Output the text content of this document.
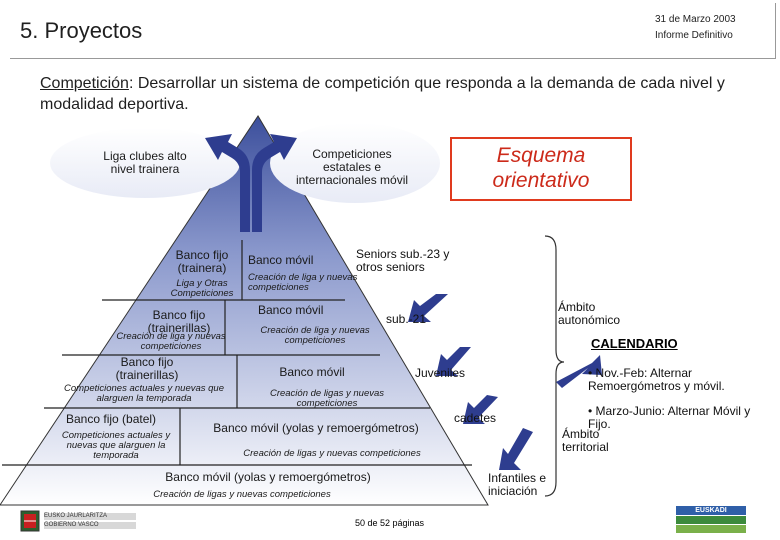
5. Proyectos	31 de Marzo 2003
Informe Definitivo
Competición: Desarrollar un sistema de competición que responda a la demanda de cada nivel y modalidad deportiva.
Liga clubes alto nivel trainera
Competiciones estatales e internacionales móvil
Esquema orientativo
Banco fijo (trainera)
Liga y Otras Competiciones
Banco móvil
Creación de liga y nuevas competiciones
Banco fijo (trainerillas)
Creación de liga y nuevas competiciones
Banco móvil
Creación de liga y nuevas competiciones
Banco fijo (trainerillas)
Competiciones actuales y nuevas que alarguen la temporada
Banco móvil
Creación de ligas y nuevas competiciones
Banco fijo (batel)
Competiciones actuales y nuevas que alarguen la temporada
Banco móvil (yolas y remoergómetros)
Creación de ligas y nuevas competiciones
Banco móvil (yolas y remoergómetros)
Creación de ligas y nuevas competiciones
Seniors sub.-23 y otros seniors
sub.-21
Juveniles
cadetes
Infantiles e iniciación
Ámbito autonómico
Ámbito territorial
CALENDARIO
• Nov.-Feb: Alternar Remoergómetros y móvil.
• Marzo-Junio: Alternar Móvil y Fijo.
EUSKO JAURLARITZA
GOBIERNO VASCO	50 de 52 páginas
EUSKADI
